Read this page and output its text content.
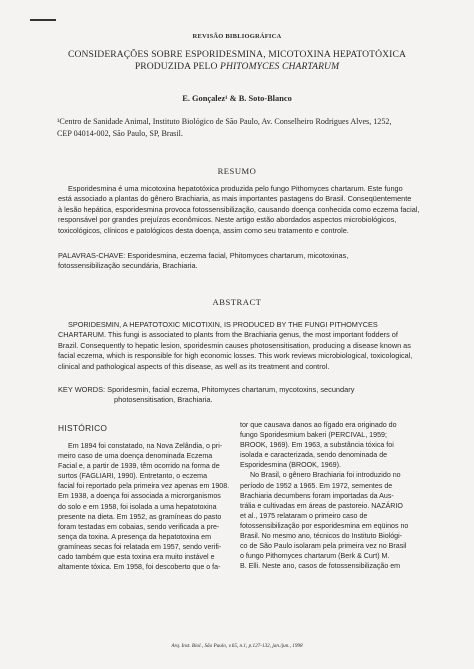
REVISÃO BIBLIOGRÁFICA
CONSIDERAÇÕES SOBRE ESPORIDESMINA, MICOTOXINA HEPATOTÓXICA
PRODUZIDA PELO PHITOMYCES CHARTARUM
E. Gonçalez¹ & B. Soto-Blanco
¹Centro de Sanidade Animal, Instituto Biológico de São Paulo, Av. Conselheiro Rodrigues Alves, 1252,
CEP 04014-002, São Paulo, SP, Brasil.
RESUMO
Esporidesmina é uma micotoxina hepatotóxica produzida pelo fungo Pithomyces chartarum. Este fungo
está associado a plantas do gênero Brachiaria, as mais importantes pastagens do Brasil. Conseqüentemente
à lesão hepática, esporidesmina provoca fotossensibilização, causando doença conhecida como eczema facial,
responsável por grandes prejuízos econômicos. Neste artigo estão abordados aspectos microbiológicos,
toxicológicos, clínicos e patológicos desta doença, assim como seu tratamento e controle.
PALAVRAS-CHAVE: Esporidesmina, eczema facial, Phitomyces chartarum, micotoxinas,
fotossensibilização secundária, Brachiaria.
ABSTRACT
SPORIDESMIN, A HEPATOTOXIC MICOTIXIN, IS PRODUCED BY THE FUNGI PITHOMYCES
CHARTARUM. This fungi is associated to plants from the Brachiaria genus, the most important fodders of
Brazil. Consequently to hepatic lesion, sporidesmin causes photosensitisation, producing a disease known as
facial eczema, which is responsible for high economic losses. This work reviews microbiological, toxicological,
clinical and pathological aspects of this disease, as well as its treatment and control.
KEY WORDS: Sporidesmin, facial eczema, Phitomyces chartarum, mycotoxins, secundary
photosensitisation, Brachiaria.
HISTÓRICO
Em 1894 foi constatado, na Nova Zelândia, o pri-
meiro caso de uma doença denominada Eczema
Facial e, a partir de 1939, têm ocorrido na forma de
surtos (FAGLIARI, 1990). Entretanto, o eczema
facial foi reportado pela primeira vez apenas em 1908.
Em 1938, a doença foi associada a microrganismos
do solo e em 1958, foi isolada a uma hepatotoxina
presente na dieta. Em 1952, as gramíneas do pasto
foram testadas em cobaias, sendo verificada a pre-
sença da toxina. A presença da hepatotoxina em
gramíneas secas foi relatada em 1957, sendo verifi-
cado também que esta toxina era muito instável e
altamente tóxica. Em 1958, foi descoberto que o fa-
tor que causava danos ao fígado era originado do
fungo Sporidesmium bakeri (PERCIVAL, 1959;
BROOK, 1969). Em 1963, a substância tóxica foi
isolada e caracterizada, sendo denominada de
Esporidesmina (BROOK, 1969).
No Brasil, o gênero Brachiaria foi introduzido no
período de 1952 a 1965. Em 1972, sementes de
Brachiaria decumbens foram importadas da Aus-
trália e cultivadas em áreas de pastoreio. NAZÁRIO
et al., 1975 relataram o primeiro caso de
fotossensibilização por esporidesmina em eqüinos no
Brasil. No mesmo ano, técnicos do Instituto Biológi-
co de São Paulo isolaram pela primeira vez no Brasil
o fungo Pithomyces chartarum (Berk & Curt) M.
B. Elli. Neste ano, casos de fotossensibilização em
Arq. Inst. Biol., São Paulo, v.65, n.1, p.127-132, jan./jun., 1998
